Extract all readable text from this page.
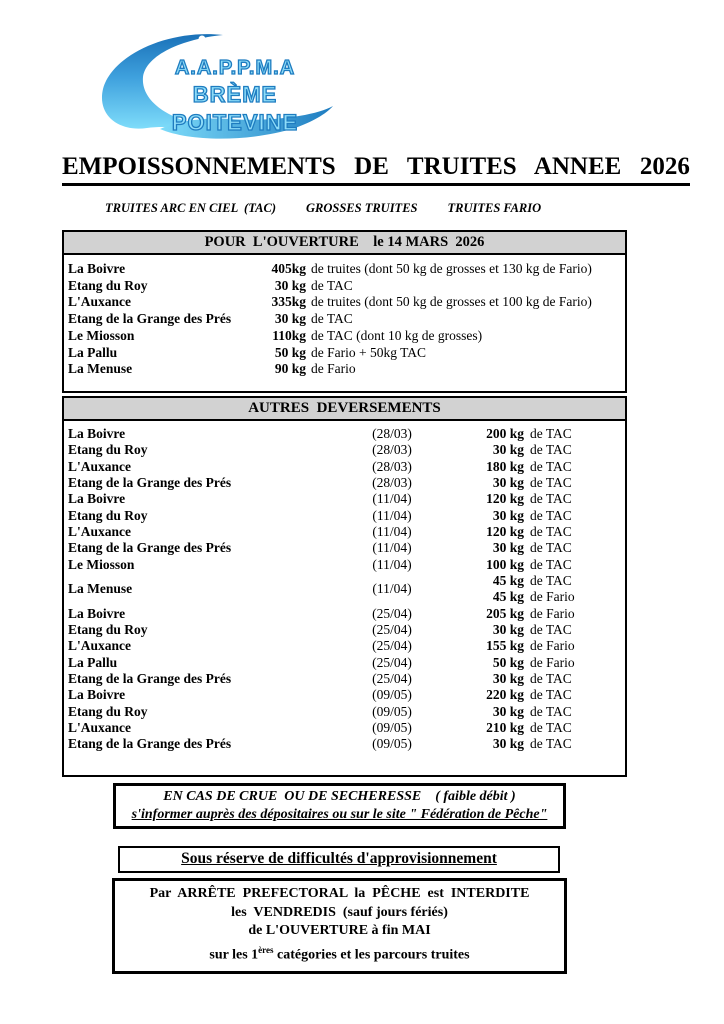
A.A.P.P.M.A
BRÈME POITEVINE
EMPOISSONNEMENTS  DE  TRUITES  ANNEE  2026
TRUITES ARC EN CIEL  (TAC) GROSSES TRUITES TRUITES FARIO
POUR  L'OUVERTURE    le 14 MARS  2026
La Boivre	405kg de truites (dont 50 kg de grosses et 130 kg de Fario)
Etang du Roy	30 kg de TAC
L'Auxance	335kg de truites (dont 50 kg de grosses et 100 kg de Fario)
Etang de la Grange des Prés	30 kg de TAC
Le Miosson	110kg de TAC (dont 10 kg de grosses)
La Pallu	50 kg de Fario + 50kg TAC
La Menuse	90 kg de Fario
AUTRES  DEVERSEMENTS
La Boivre	(28/03)	200 kg de TAC
Etang du Roy	(28/03)	30 kg de TAC
L'Auxance	(28/03)	180 kg de TAC
Etang de la Grange des Prés	(28/03)	30 kg de TAC
La Boivre	(11/04)	120 kg de TAC
Etang du Roy	(11/04)	30 kg de TAC
L'Auxance	(11/04)	120 kg de TAC
Etang de la Grange des Prés	(11/04)	30 kg de TAC
Le Miosson	(11/04)	100 kg de TAC
La Menuse	(11/04)
45 kg de TAC
45 kg de Fario
La Boivre	(25/04)	205 kg de Fario
Etang du Roy	(25/04)	30 kg de TAC
L'Auxance	(25/04)	155 kg de Fario
La Pallu	(25/04)	50 kg de Fario
Etang de la Grange des Prés	(25/04)	30 kg de TAC
La Boivre	(09/05)	220 kg de TAC
Etang du Roy	(09/05)	30 kg de TAC
L'Auxance	(09/05)	210 kg de TAC
Etang de la Grange des Prés	(09/05)	30 kg de TAC
EN CAS DE CRUE  OU DE SECHERESSE    ( faible débit )
s'informer auprès des dépositaires ou sur le site " Fédération de Pêche"
Sous réserve de difficultés d'approvisionnement
Par  ARRÊTE  PREFECTORAL  la  PÊCHE  est  INTERDITE
les  VENDREDIS  (sauf jours fériés)
de L'OUVERTURE à fin MAI
sur les 1ères catégories et les parcours truites
